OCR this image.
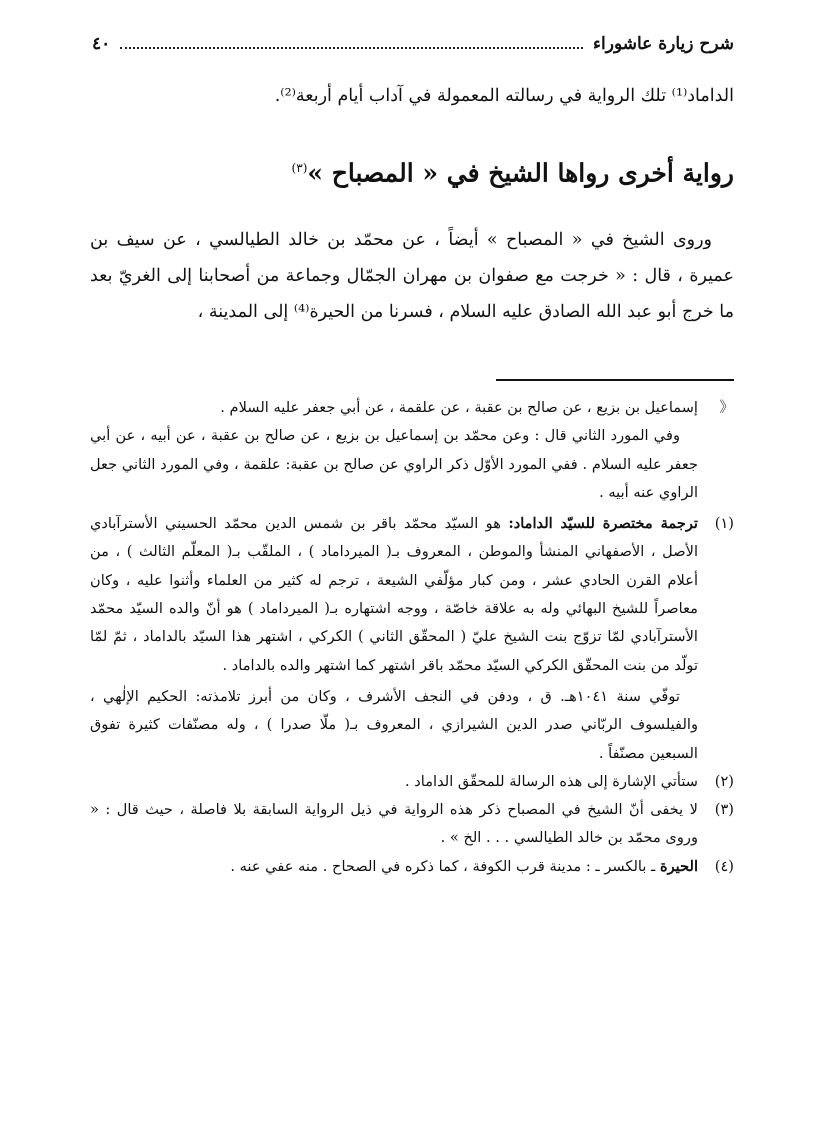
شرح زيارة عاشوراء
٤٠
الداماد⁽¹⁾ تلك الرواية في رسالته المعمولة في آداب أيام أربعة⁽²⁾.
رواية أخرى رواها الشيخ في « المصباح »$^{(٣)}$
وروى الشيخ في « المصباح » أيضاً ، عن محمّد بن خالد الطيالسي ، عن سيف بن عميرة ، قال : « خرجت مع صفوان بن مهران الجمّال وجماعة من أصحابنا إلى الغريّ بعد ما خرج أبو عبد الله الصادق عليه السلام ، فسرنا من الحيرة⁽⁴⁾ إلى المدينة ،
《
إسماعيل بن بزيع ، عن صالح بن عقبة ، عن علقمة ، عن أبي جعفر عليه السلام .
وفي المورد الثاني قال : وعن محمّد بن إسماعيل بن بزيع ، عن صالح بن عقبة ، عن أبيه ، عن أبي جعفر عليه السلام . ففي المورد الأوّل ذكر الراوي عن صالح بن عقبة: علقمة ، وفي المورد الثاني جعل الراوي عنه أبيه .
(١)
ترجمة مختصرة للسيّد الداماد: هو السيّد محمّد باقر بن شمس الدين محمّد الحسيني الأسترآبادي الأصل ، الأصفهاني المنشأ والموطن ، المعروف بـ( الميرداماد ) ، الملقّب بـ( المعلّم الثالث ) ، من أعلام القرن الحادي عشر ، ومن كبار مؤلّفي الشيعة ، ترجم له كثير من العلماء وأثنوا عليه ، وكان معاصراً للشيخ البهائي وله به علاقة خاصّة ، ووجه اشتهاره بـ( الميرداماد ) هو أنّ والده السيّد محمّد الأسترآبادي لمّا تزوّج بنت الشيخ عليّ ( المحقّق الثاني ) الكركي ، اشتهر هذا السيّد بالداماد ، ثمّ لمّا تولّد من بنت المحقّق الكركي السيّد محمّد باقر اشتهر كما اشتهر والده بالداماد .
توفّي سنة ١٠٤١هـ. ق ، ودفن في النجف الأشرف ، وكان من أبرز تلامذته: الحكيم الإلٰهي ، والفيلسوف الربّاني صدر الدين الشيرازي ، المعروف بـ( ملّا صدرا ) ، وله مصنّفات كثيرة تفوق السبعين مصنّفاً .
(٢)
ستأتي الإشارة إلى هذه الرسالة للمحقّق الداماد .
(٣)
لا يخفى أنّ الشيخ في المصباح ذكر هذه الرواية في ذيل الرواية السابقة بلا فاصلة ، حيث قال : « وروى محمّد بن خالد الطيالسي . . . الخ » .
(٤)
الحيرة ـ بالكسر ـ : مدينة قرب الكوفة ، كما ذكره في الصحاح . منه عفي عنه .
